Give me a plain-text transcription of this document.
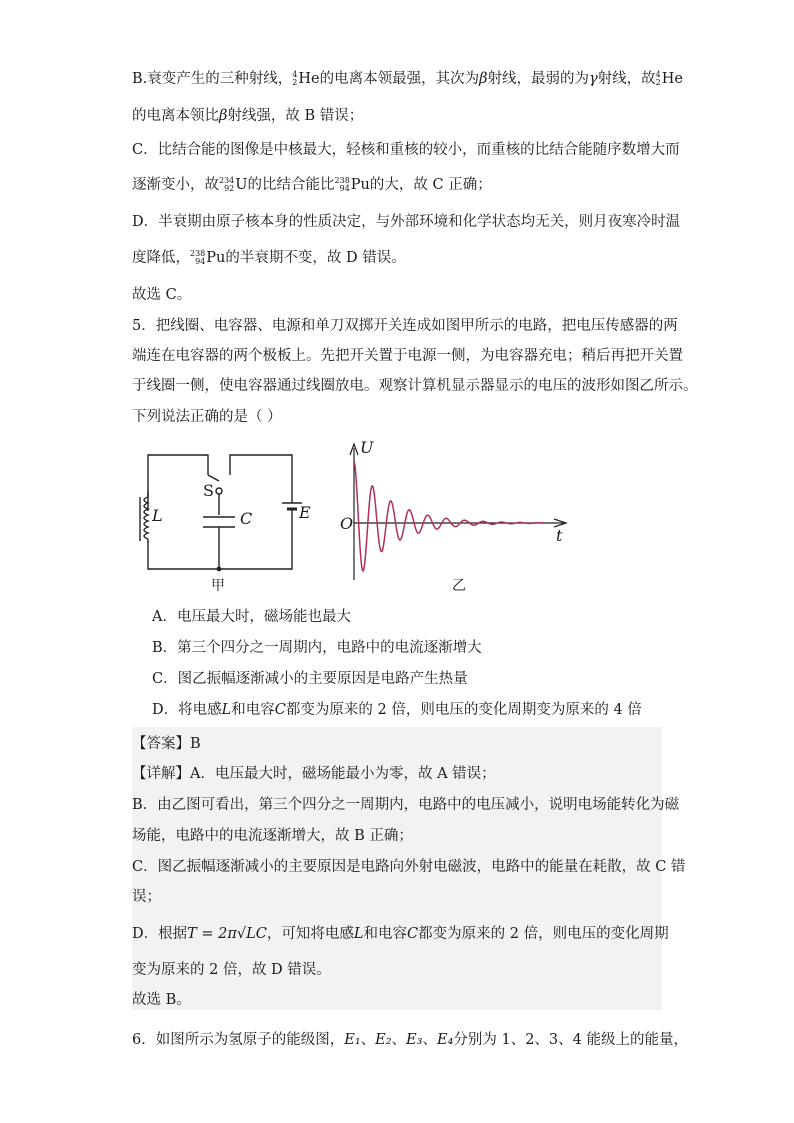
B.衰变产生的三种射线， 4
2 He的电离本领最强，其次为β射线，最弱的为γ射线，故 4
2 He
的电离本领比β射线强，故 B 错误；
C．比结合能的图像是中核最大，轻核和重核的较小，而重核的比结合能随序数增大而
逐渐变小，故 234
92 U的比结合能比 238
94 Pu的大，故 C 正确；
D．半衰期由原子核本身的性质决定，与外部环境和化学状态均无关，则月夜寒冷时温
度降低， 238
94 Pu的半衰期不变，故 D 错误。
故选 C。
5．把线圈、电容器、电源和单刀双掷开关连成如图甲所示的电路，把电压传感器的两
端连在电容器的两个极板上。先把开关置于电源一侧，为电容器充电；稍后再把开关置
于线圈一侧，使电容器通过线圈放电。观察计算机显示器显示的电压的波形如图乙所示。
下列说法正确的是（ ）
L	C
S
E
甲
U
t
O
乙
A．电压最大时，磁场能也最大
B．第三个四分之一周期内，电路中的电流逐渐增大
C．图乙振幅逐渐减小的主要原因是电路产生热量
D．将电感L和电容C都变为原来的 2 倍，则电压的变化周期变为原来的 4 倍
【答案】B
【详解】A．电压最大时，磁场能最小为零，故 A 错误；
B．由乙图可看出，第三个四分之一周期内，电路中的电压减小，说明电场能转化为磁
场能，电路中的电流逐渐增大，故 B 正确；
C．图乙振幅逐渐减小的主要原因是电路向外射电磁波，电路中的能量在耗散，故 C 错
误；
D．根据T = 2π√LC，可知将电感L和电容C都变为原来的 2 倍，则电压的变化周期
变为原来的 2 倍，故 D 错误。
故选 B。
6．如图所示为氢原子的能级图，E₁、E₂、E₃、E₄分别为 1、2、3、4 能级上的能量，
